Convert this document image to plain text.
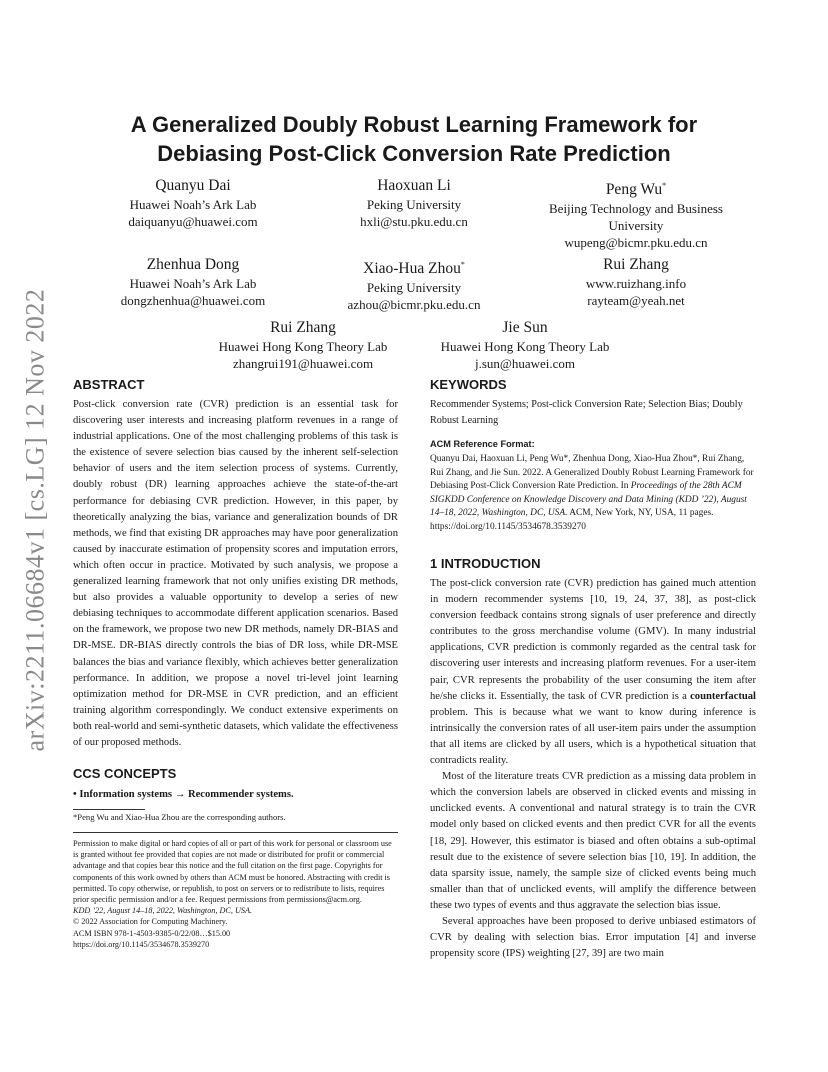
arXiv:2211.06684v1 [cs.LG] 12 Nov 2022
A Generalized Doubly Robust Learning Framework for
Debiasing Post-Click Conversion Rate Prediction
Quanyu Dai
Huawei Noah’s Ark Lab
daiquanyu@huawei.com
Haoxuan Li
Peking University
hxli@stu.pku.edu.cn
Peng Wu*
Beijing Technology and Business
University
wupeng@bicmr.pku.edu.cn
Zhenhua Dong
Huawei Noah’s Ark Lab
dongzhenhua@huawei.com
Xiao-Hua Zhou*
Peking University
azhou@bicmr.pku.edu.cn
Rui Zhang
www.ruizhang.info
rayteam@yeah.net
Rui Zhang
Huawei Hong Kong Theory Lab
zhangrui191@huawei.com
Jie Sun
Huawei Hong Kong Theory Lab
j.sun@huawei.com
ABSTRACT

Post-click conversion rate (CVR) prediction is an essential task for discovering user interests and increasing platform revenues in a range of industrial applications. One of the most challenging problems of this task is the existence of severe selection bias caused by the inherent self-selection behavior of users and the item selection process of systems. Currently, doubly robust (DR) learning approaches achieve the state-of-the-art performance for debiasing CVR prediction. However, in this paper, by theoretically analyzing the bias, variance and generalization bounds of DR methods, we find that existing DR approaches may have poor generalization caused by inaccurate estimation of propensity scores and imputation errors, which often occur in practice. Motivated by such analysis, we propose a generalized learning framework that not only unifies existing DR methods, but also provides a valuable opportunity to develop a series of new debiasing techniques to accommodate different application scenarios. Based on the framework, we propose two new DR methods, namely DR-BIAS and DR-MSE. DR-BIAS directly controls the bias of DR loss, while DR-MSE balances the bias and variance flexibly, which achieves better generalization performance. In addition, we propose a novel tri-level joint learning optimization method for DR-MSE in CVR prediction, and an efficient training algorithm correspondingly. We conduct extensive experiments on both real-world and semi-synthetic datasets, which validate the effectiveness of our proposed methods.

CCS CONCEPTS

• Information systems → Recommender systems.

*Peng Wu and Xiao-Hua Zhou are the corresponding authors.
Permission to make digital or hard copies of all or part of this work for personal or classroom use is granted without fee provided that copies are not made or distributed for profit or commercial advantage and that copies bear this notice and the full citation on the first page. Copyrights for components of this work owned by others than ACM must be honored. Abstracting with credit is permitted. To copy otherwise, or republish, to post on servers or to redistribute to lists, requires prior specific permission and/or a fee. Request permissions from permissions@acm.org.
KDD ’22, August 14–18, 2022, Washington, DC, USA.
© 2022 Association for Computing Machinery.
ACM ISBN 978-1-4503-9385-0/22/08…$15.00
https://doi.org/10.1145/3534678.3539270
KEYWORDS

Recommender Systems; Post-click Conversion Rate; Selection Bias; Doubly Robust Learning

ACM Reference Format:
Quanyu Dai, Haoxuan Li, Peng Wu*, Zhenhua Dong, Xiao-Hua Zhou*, Rui Zhang, Rui Zhang, and Jie Sun. 2022. A Generalized Doubly Robust Learning Framework for Debiasing Post-Click Conversion Rate Prediction. In Proceedings of the 28th ACM SIGKDD Conference on Knowledge Discovery and Data Mining (KDD ’22), August 14–18, 2022, Washington, DC, USA. ACM, New York, NY, USA, 11 pages. https://doi.org/10.1145/3534678.3539270
1 INTRODUCTION

The post-click conversion rate (CVR) prediction has gained much attention in modern recommender systems [10, 19, 24, 37, 38], as post-click conversion feedback contains strong signals of user preference and directly contributes to the gross merchandise volume (GMV). In many industrial applications, CVR prediction is commonly regarded as the central task for discovering user interests and increasing platform revenues. For a user-item pair, CVR represents the probability of the user consuming the item after he/she clicks it. Essentially, the task of CVR prediction is a counterfactual problem. This is because what we want to know during inference is intrinsically the conversion rates of all user-item pairs under the assumption that all items are clicked by all users, which is a hypothetical situation that contradicts reality.

Most of the literature treats CVR prediction as a missing data problem in which the conversion labels are observed in clicked events and missing in unclicked events. A conventional and natural strategy is to train the CVR model only based on clicked events and then predict CVR for all the events [18, 29]. However, this estimator is biased and often obtains a sub-optimal result due to the existence of severe selection bias [10, 19]. In addition, the data sparsity issue, namely, the sample size of clicked events being much smaller than that of unclicked events, will amplify the difference between these two types of events and thus aggravate the selection bias issue.

Several approaches have been proposed to derive unbiased estimators of CVR by dealing with selection bias. Error imputation [4] and inverse propensity score (IPS) weighting [27, 39] are two main
